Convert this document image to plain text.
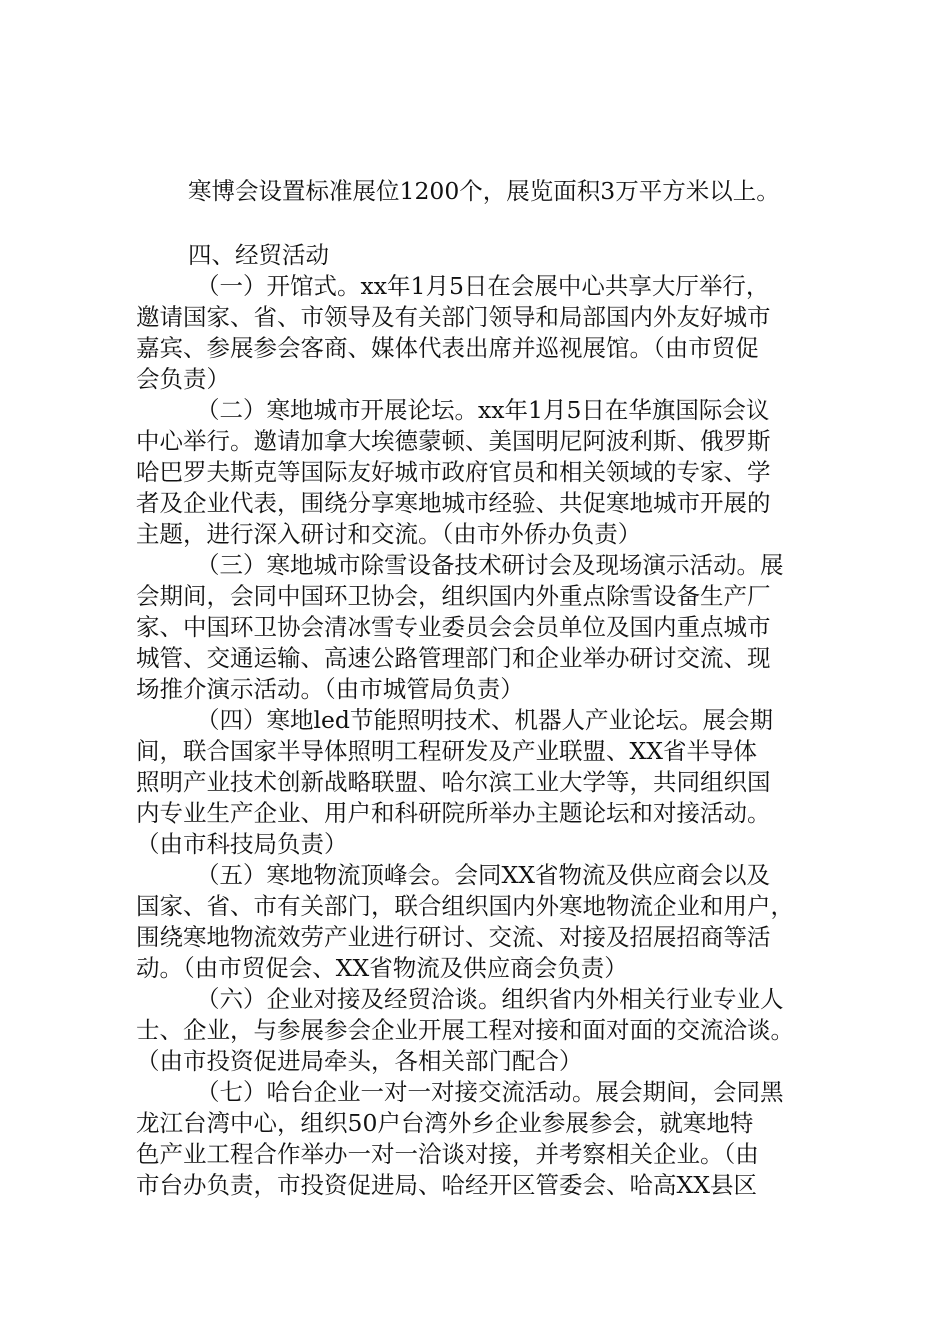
寒博会设置标准展位1200个，展览面积3万平方米以上。

四、经贸活动

（一）开馆式。xx年1月5日在会展中心共享大厅举行，

邀请国家、省、市领导及有关部门领导和局部国内外友好城市

嘉宾、参展参会客商、媒体代表出席并巡视展馆。（由市贸促

会负责）

（二）寒地城市开展论坛。xx年1月5日在华旗国际会议

中心举行。邀请加拿大埃德蒙顿、美国明尼阿波利斯、俄罗斯

哈巴罗夫斯克等国际友好城市政府官员和相关领域的专家、学

者及企业代表，围绕分享寒地城市经验、共促寒地城市开展的

主题，进行深入研讨和交流。（由市外侨办负责）

（三）寒地城市除雪设备技术研讨会及现场演示活动。展

会期间，会同中国环卫协会，组织国内外重点除雪设备生产厂

家、中国环卫协会清冰雪专业委员会会员单位及国内重点城市

城管、交通运输、高速公路管理部门和企业举办研讨交流、现

场推介演示活动。（由市城管局负责）

（四）寒地led节能照明技术、机器人产业论坛。展会期

间，联合国家半导体照明工程研发及产业联盟、XX省半导体

照明产业技术创新战略联盟、哈尔滨工业大学等，共同组织国

内专业生产企业、用户和科研院所举办主题论坛和对接活动。

（由市科技局负责）

（五）寒地物流顶峰会。会同XX省物流及供应商会以及

国家、省、市有关部门，联合组织国内外寒地物流企业和用户，

围绕寒地物流效劳产业进行研讨、交流、对接及招展招商等活

动。（由市贸促会、XX省物流及供应商会负责）

（六）企业对接及经贸洽谈。组织省内外相关行业专业人

士、企业，与参展参会企业开展工程对接和面对面的交流洽谈。

（由市投资促进局牵头，各相关部门配合）

（七）哈台企业一对一对接交流活动。展会期间，会同黑

龙江台湾中心，组织50户台湾外乡企业参展参会，就寒地特

色产业工程合作举办一对一洽谈对接，并考察相关企业。（由

市台办负责，市投资促进局、哈经开区管委会、哈高XX县区
